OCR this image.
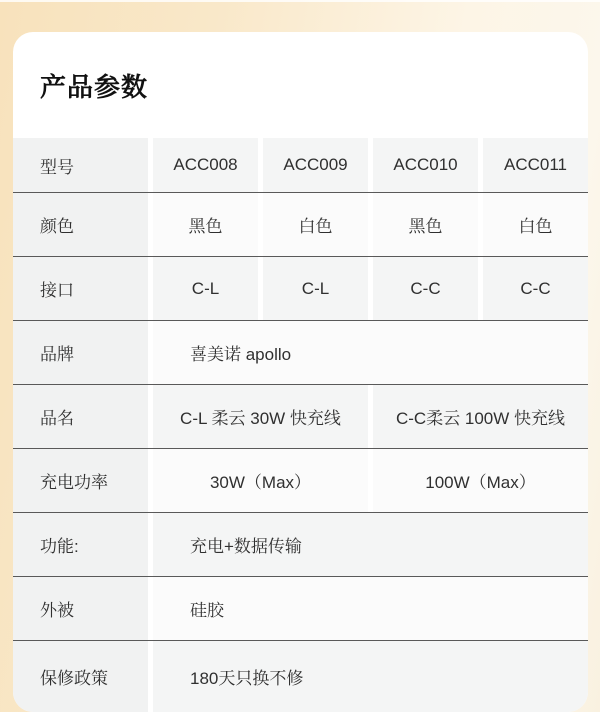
产品参数
型号	ACC008	ACC009	ACC010	ACC011
颜色	黑色	白色	黑色	白色
接口	C-L	C-L	C-C	C-C
品牌	喜美诺 apollo
品名	C-L 柔云 30W 快充线	C-C柔云 100W 快充线
充电功率	30W（Max）	100W（Max）
功能:	充电+数据传输
外被	硅胶
保修政策	180天只换不修
